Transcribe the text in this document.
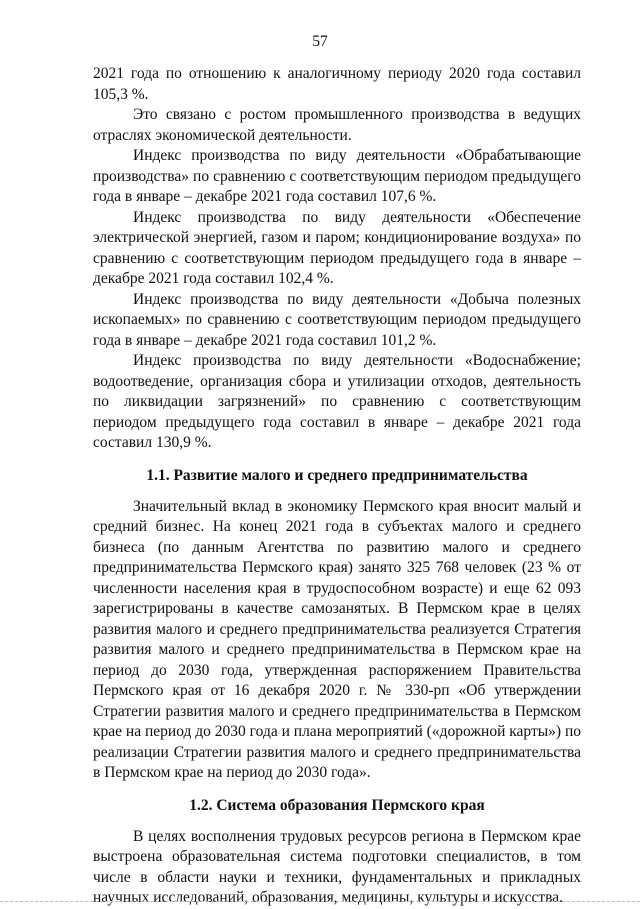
57

2021 года по отношению к аналогичному периоду 2020 года составил 105,3 %.

Это связано с ростом промышленного производства в ведущих отраслях экономической деятельности.

Индекс производства по виду деятельности «Обрабатывающие производства» по сравнению с соответствующим периодом предыдущего года в январе – декабре 2021 года составил 107,6 %.

Индекс производства по виду деятельности «Обеспечение электрической энергией, газом и паром; кондиционирование воздуха» по сравнению с соответствующим периодом предыдущего года в январе – декабре 2021 года составил 102,4 %.

Индекс производства по виду деятельности «Добыча полезных ископаемых» по сравнению с соответствующим периодом предыдущего года в январе – декабре 2021 года составил 101,2 %.

Индекс производства по виду деятельности «Водоснабжение; водоотведение, организация сбора и утилизации отходов, деятельность по ликвидации загрязнений» по сравнению с соответствующим периодом предыдущего года составил в январе – декабре 2021 года составил 130,9 %.

1.1. Развитие малого и среднего предпринимательства

Значительный вклад в экономику Пермского края вносит малый и средний бизнес. На конец 2021 года в субъектах малого и среднего бизнеса (по данным Агентства по развитию малого и среднего предпринимательства Пермского края) занято 325 768 человек (23 % от численности населения края в трудоспособном возрасте) и еще 62 093 зарегистрированы в качестве самозанятых. В Пермском крае в целях развития малого и среднего предпринимательства реализуется Стратегия развития малого и среднего предпринимательства в Пермском крае на период до 2030 года, утвержденная распоряжением Правительства Пермского края от 16 декабря 2020 г. № 330-рп «Об утверждении Стратегии развития малого и среднего предпринимательства в Пермском крае на период до 2030 года и плана мероприятий («дорожной карты») по реализации Стратегии развития малого и среднего предпринимательства в Пермском крае на период до 2030 года».

1.2. Система образования Пермского края

В целях восполнения трудовых ресурсов региона в Пермском крае выстроена образовательная система подготовки специалистов, в том числе в области науки и техники, фундаментальных и прикладных научных исследований, образования, медицины, культуры и искусства.
